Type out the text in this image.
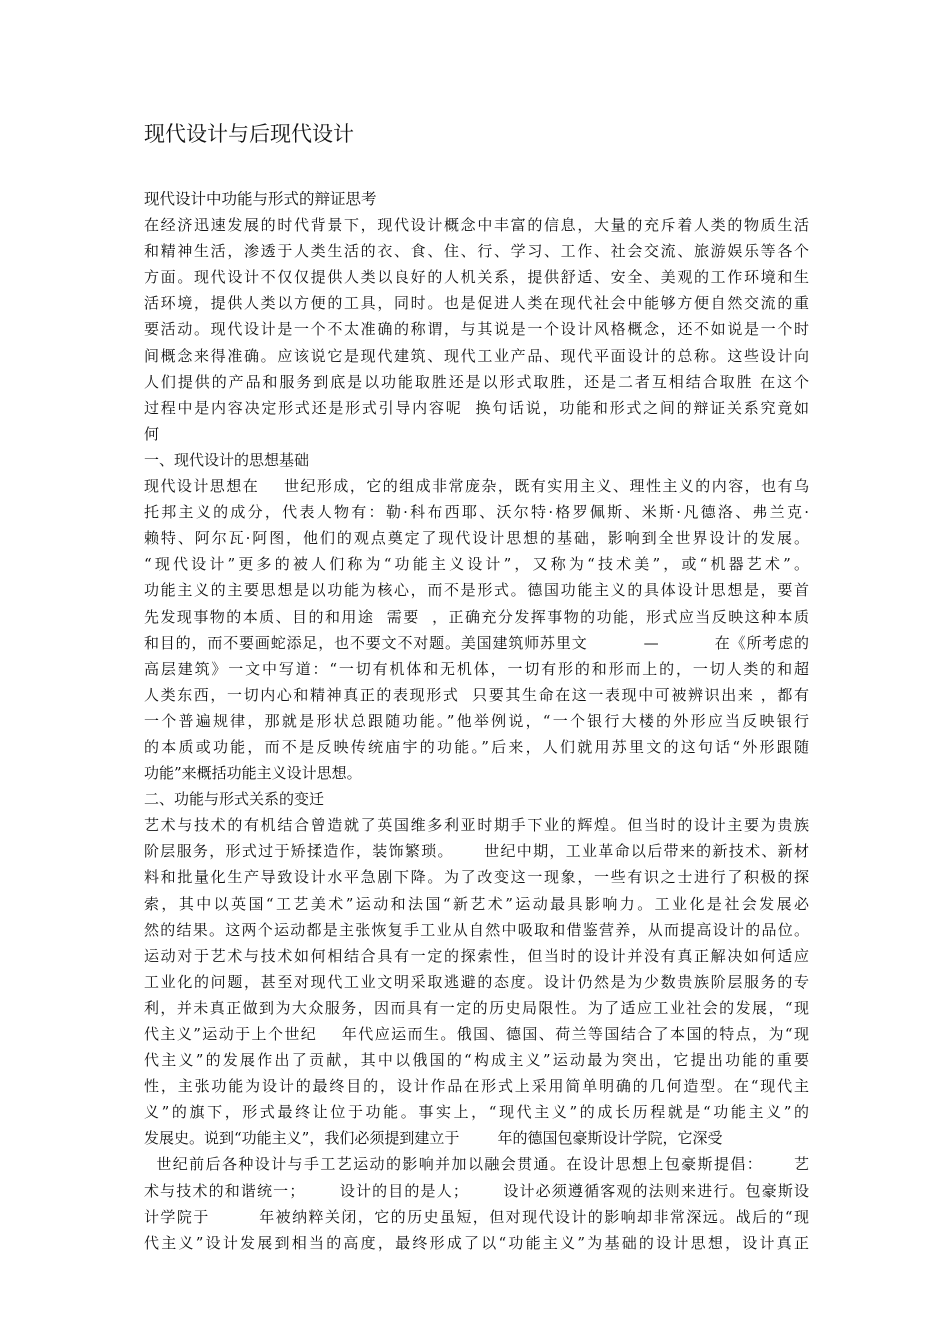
现代设计与后现代设计
现代设计中功能与形式的辩证思考
在经济迅速发展的时代背景下，现代设计概念中丰富的信息，大量的充斥着人类的物质生活
和精神生活，渗透于人类生活的衣、食、住、行、学习、工作、社会交流、旅游娱乐等各个
方面。现代设计不仅仅提供人类以良好的人机关系，提供舒适、安全、美观的工作环境和生
活环境，提供人类以方便的工具，同时。也是促进人类在现代社会中能够方便自然交流的重
要活动。现代设计是一个不太准确的称谓，与其说是一个设计风格概念，还不如说是一个时
间概念来得准确。应该说它是现代建筑、现代工业产品、现代平面设计的总称。这些设计向
人们提供的产品和服务到底是以功能取胜还是以形式取胜，还是二者互相结合取胜 在这个
过程中是内容决定形式还是形式引导内容呢  换句话说，功能和形式之间的辩证关系究竟如
何
一、现代设计的思想基础
现代设计思想在    世纪形成，它的组成非常庞杂，既有实用主义、理性主义的内容，也有乌
托邦主义的成分，代表人物有：勒·科布西耶、沃尔特·格罗佩斯、米斯·凡德洛、弗兰克·
赖特、阿尔瓦·阿图，他们的观点奠定了现代设计思想的基础，影响到全世界设计的发展。
“现代设计”更多的被人们称为“功能主义设计”，又称为“技术美”，或“机器艺术”。
功能主义的主要思想是以功能为核心，而不是形式。德国功能主义的具体设计思想是，要首
先发现事物的本质、目的和用途  需要  ，正确充分发挥事物的功能，形式应当反映这种本质
和目的，而不要画蛇添足，也不要文不对题。美国建筑师苏里文          —          在《所考虑的
高层建筑》一文中写道：“一切有机体和无机体，一切有形的和形而上的，一切人类的和超
人类东西，一切内心和精神真正的表现形式  只要其生命在这一表现中可被辨识出来 ，都有
一个普遍规律，那就是形状总跟随功能。”他举例说，“一个银行大楼的外形应当反映银行
的本质或功能，而不是反映传统庙宇的功能。”后来，人们就用苏里文的这句话“外形跟随
功能”来概括功能主义设计思想。
二、功能与形式关系的变迁
艺术与技术的有机结合曾造就了英国维多利亚时期手下业的辉煌。但当时的设计主要为贵族
阶层服务，形式过于矫揉造作，装饰繁琐。     世纪中期，工业革命以后带来的新技术、新材
料和批量化生产导致设计水平急剧下降。为了改变这一现象，一些有识之士进行了积极的探
索，其中以英国“工艺美术”运动和法国“新艺术”运动最具影响力。工业化是社会发展必
然的结果。这两个运动都是主张恢复手工业从自然中吸取和借鉴营养，从而提高设计的品位。
运动对于艺术与技术如何相结合具有一定的探索性，但当时的设计并没有真正解决如何适应
工业化的问题，甚至对现代工业文明采取逃避的态度。设计仍然是为少数贵族阶层服务的专
利，并未真正做到为大众服务，因而具有一定的历史局限性。为了适应工业社会的发展，“现
代主义”运动于上个世纪    年代应运而生。俄国、德国、荷兰等国结合了本国的特点，为“现
代主义”的发展作出了贡献，其中以俄国的“构成主义”运动最为突出，它提出功能的重要
性，主张功能为设计的最终目的，设计作品在形式上采用简单明确的几何造型。在“现代主
义”的旗下，形式最终让位于功能。事实上，“现代主义”的成长历程就是“功能主义”的
发展史。说到“功能主义”，我们必须提到建立于        年的德国包豪斯设计学院，它深受
世纪前后各种设计与手工艺运动的影响并加以融会贯通。在设计思想上包豪斯提倡：     艺
术与技术的和谐统一；      设计的目的是人；      设计必须遵循客观的法则来进行。包豪斯设
计学院于        年被纳粹关闭，它的历史虽短，但对现代设计的影响却非常深远。战后的“现
代主义”设计发展到相当的高度，最终形成了以“功能主义”为基础的设计思想，设计真正
